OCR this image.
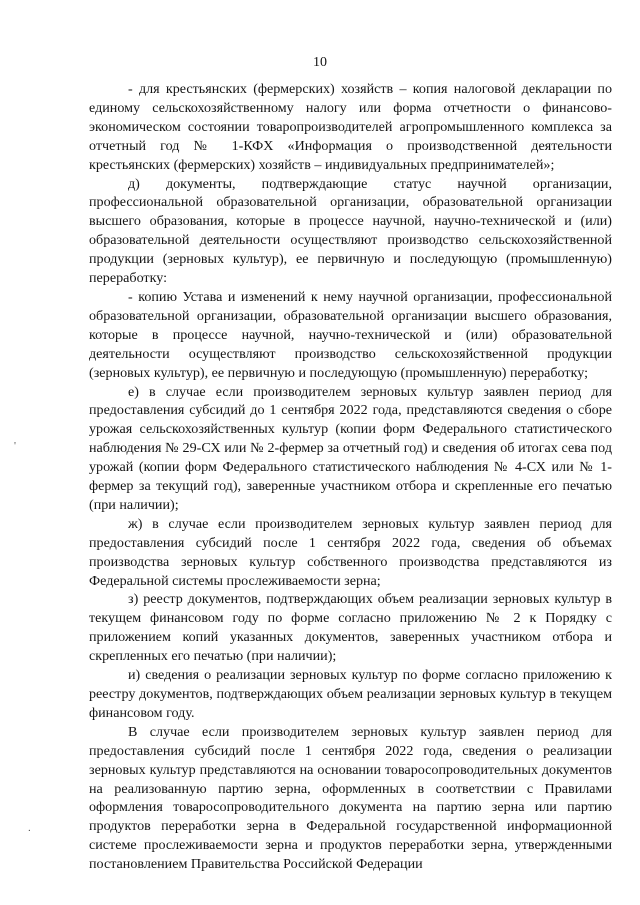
10

- для крестьянских (фермерских) хозяйств – копия налоговой декларации по единому сельскохозяйственному налогу или форма отчетности о финансово-экономическом состоянии товаропроизводителей агропромышленного комплекса за отчетный год № 1-КФХ «Информация о производственной деятельности крестьянских (фермерских) хозяйств – индивидуальных предпринимателей»;

д) документы, подтверждающие статус научной организации, профессиональной образовательной организации, образовательной организации высшего образования, которые в процессе научной, научно-технической и (или) образовательной деятельности осуществляют производство сельскохозяйственной продукции (зерновых культур), ее первичную и последующую (промышленную) переработку:

- копию Устава и изменений к нему научной организации, профессиональной образовательной организации, образовательной организации высшего образования, которые в процессе научной, научно-технической и (или) образовательной деятельности осуществляют производство сельскохозяйственной продукции (зерновых культур), ее первичную и последующую (промышленную) переработку;

е) в случае если производителем зерновых культур заявлен период для предоставления субсидий до 1 сентября 2022 года, представляются сведения о сборе урожая сельскохозяйственных культур (копии форм Федерального статистического наблюдения № 29-СХ или № 2-фермер за отчетный год) и сведения об итогах сева под урожай (копии форм Федерального статистического наблюдения № 4-СХ или № 1-фермер за текущий год), заверенные участником отбора и скрепленные его печатью (при наличии);

ж) в случае если производителем зерновых культур заявлен период для предоставления субсидий после 1 сентября 2022 года, сведения об объемах производства зерновых культур собственного производства представляются из Федеральной системы прослеживаемости зерна;

з) реестр документов, подтверждающих объем реализации зерновых культур в текущем финансовом году по форме согласно приложению № 2 к Порядку с приложением копий указанных документов, заверенных участником отбора и скрепленных его печатью (при наличии);

и) сведения о реализации зерновых культур по форме согласно приложению к реестру документов, подтверждающих объем реализации зерновых культур в текущем финансовом году.

В случае если производителем зерновых культур заявлен период для предоставления субсидий после 1 сентября 2022 года, сведения о реализации зерновых культур представляются на основании товаросопроводительных документов на реализованную партию зерна, оформленных в соответствии с Правилами оформления товаросопроводительного документа на партию зерна или партию продуктов переработки зерна в Федеральной государственной информационной системе прослеживаемости зерна и продуктов переработки зерна, утвержденными постановлением Правительства Российской Федерации

'
.
